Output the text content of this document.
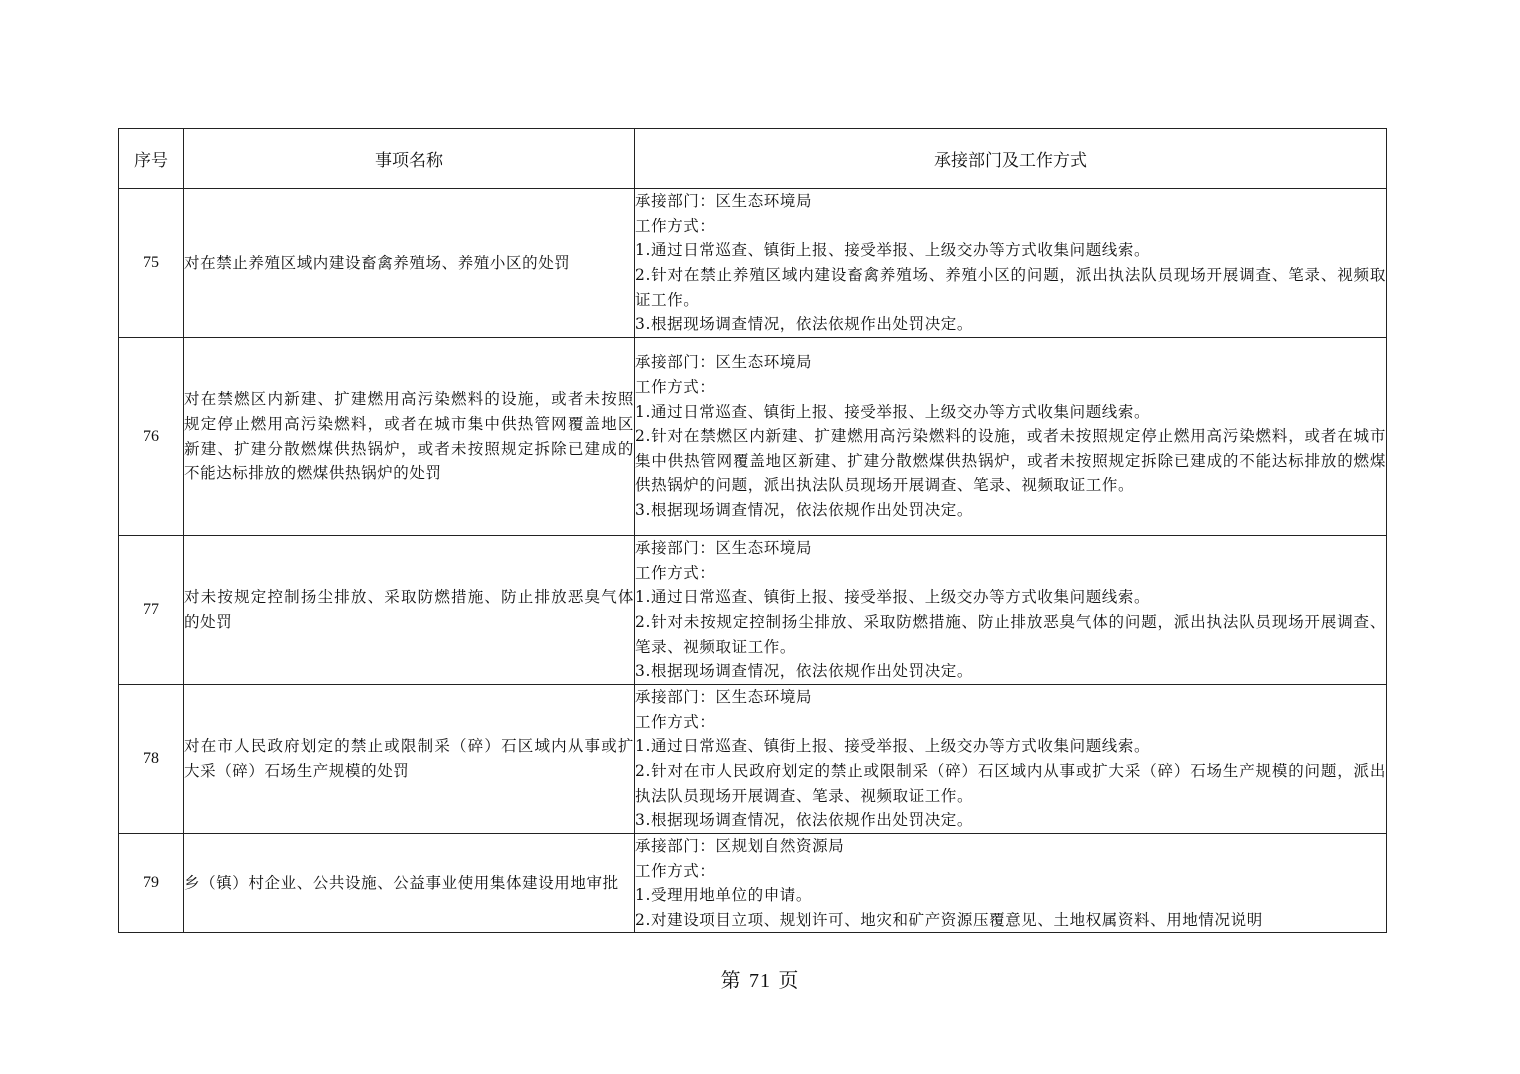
序号	事项名称	承接部门及工作方式
75	对在禁止养殖区域内建设畜禽养殖场、养殖小区的处罚	承接部门：区生态环境局
工作方式：
1.通过日常巡查、镇街上报、接受举报、上级交办等方式收集问题线索。
2.针对在禁止养殖区域内建设畜禽养殖场、养殖小区的问题，派出执法队员现场开展调查、笔录、视频取证工作。
3.根据现场调查情况，依法依规作出处罚决定。

76	对在禁燃区内新建、扩建燃用高污染燃料的设施，或者未按照规定停止燃用高污染燃料，或者在城市集中供热管网覆盖地区新建、扩建分散燃煤供热锅炉，或者未按照规定拆除已建成的不能达标排放的燃煤供热锅炉的处罚	承接部门：区生态环境局
工作方式：
1.通过日常巡查、镇街上报、接受举报、上级交办等方式收集问题线索。
2.针对在禁燃区内新建、扩建燃用高污染燃料的设施，或者未按照规定停止燃用高污染燃料，或者在城市集中供热管网覆盖地区新建、扩建分散燃煤供热锅炉，或者未按照规定拆除已建成的不能达标排放的燃煤供热锅炉的问题，派出执法队员现场开展调查、笔录、视频取证工作。
3.根据现场调查情况，依法依规作出处罚决定。

77	对未按规定控制扬尘排放、采取防燃措施、防止排放恶臭气体的处罚	承接部门：区生态环境局
工作方式：
1.通过日常巡查、镇街上报、接受举报、上级交办等方式收集问题线索。
2.针对未按规定控制扬尘排放、采取防燃措施、防止排放恶臭气体的问题，派出执法队员现场开展调查、笔录、视频取证工作。
3.根据现场调查情况，依法依规作出处罚决定。

78	对在市人民政府划定的禁止或限制采（碎）石区域内从事或扩大采（碎）石场生产规模的处罚	承接部门：区生态环境局
工作方式：
1.通过日常巡查、镇街上报、接受举报、上级交办等方式收集问题线索。
2.针对在市人民政府划定的禁止或限制采（碎）石区域内从事或扩大采（碎）石场生产规模的问题，派出执法队员现场开展调查、笔录、视频取证工作。
3.根据现场调查情况，依法依规作出处罚决定。

79	乡（镇）村企业、公共设施、公益事业使用集体建设用地审批	承接部门：区规划自然资源局
工作方式：
1.受理用地单位的申请。
2.对建设项目立项、规划许可、地灾和矿产资源压覆意见、土地权属资料、用地情况说明
第 71 页
